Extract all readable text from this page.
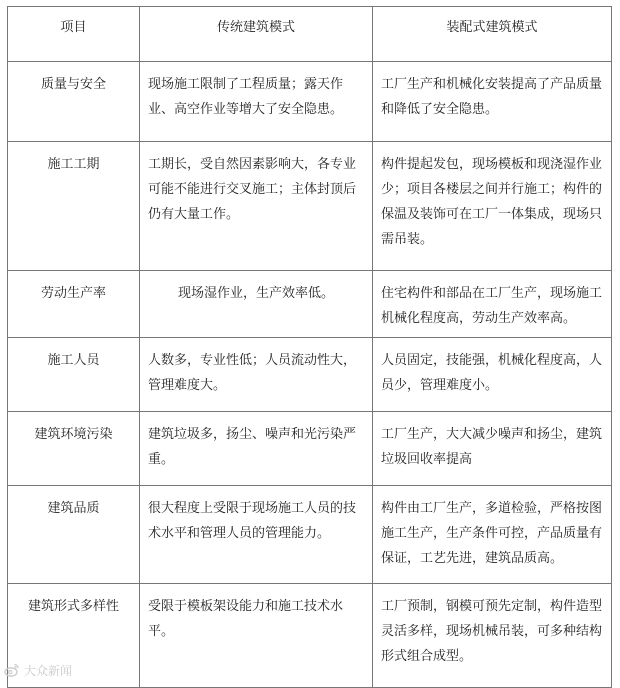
项目	传统建筑模式	装配式建筑模式
质量与安全	现场施工限制了工程质量；露天作业、高空作业等增大了安全隐患。	工厂生产和机械化安装提高了产品质量和降低了安全隐患。
施工工期	工期长，受自然因素影响大，各专业可能不能进行交叉施工；主体封顶后仍有大量工作。	构件提起发包，现场模板和现浇湿作业少；项目各楼层之间并行施工；构件的保温及装饰可在工厂一体集成，现场只需吊装。
劳动生产率	现场湿作业，生产效率低。	住宅构件和部品在工厂生产，现场施工机械化程度高，劳动生产效率高。
施工人员	人数多，专业性低；人员流动性大，管理难度大。	人员固定，技能强，机械化程度高，人员少，管理难度小。
建筑环境污染	建筑垃圾多，扬尘、噪声和光污染严重。	工厂生产，大大减少噪声和扬尘，建筑垃圾回收率提高
建筑品质	很大程度上受限于现场施工人员的技术水平和管理人员的管理能力。	构件由工厂生产，多道检验，严格按图施工生产，生产条件可控，产品质量有保证，工艺先进，建筑品质高。
建筑形式多样性	受限于模板架设能力和施工技术水平。	工厂预制，钢模可预先定制，构件造型灵活多样，现场机械吊装，可多种结构形式组合成型。
大众新闻
